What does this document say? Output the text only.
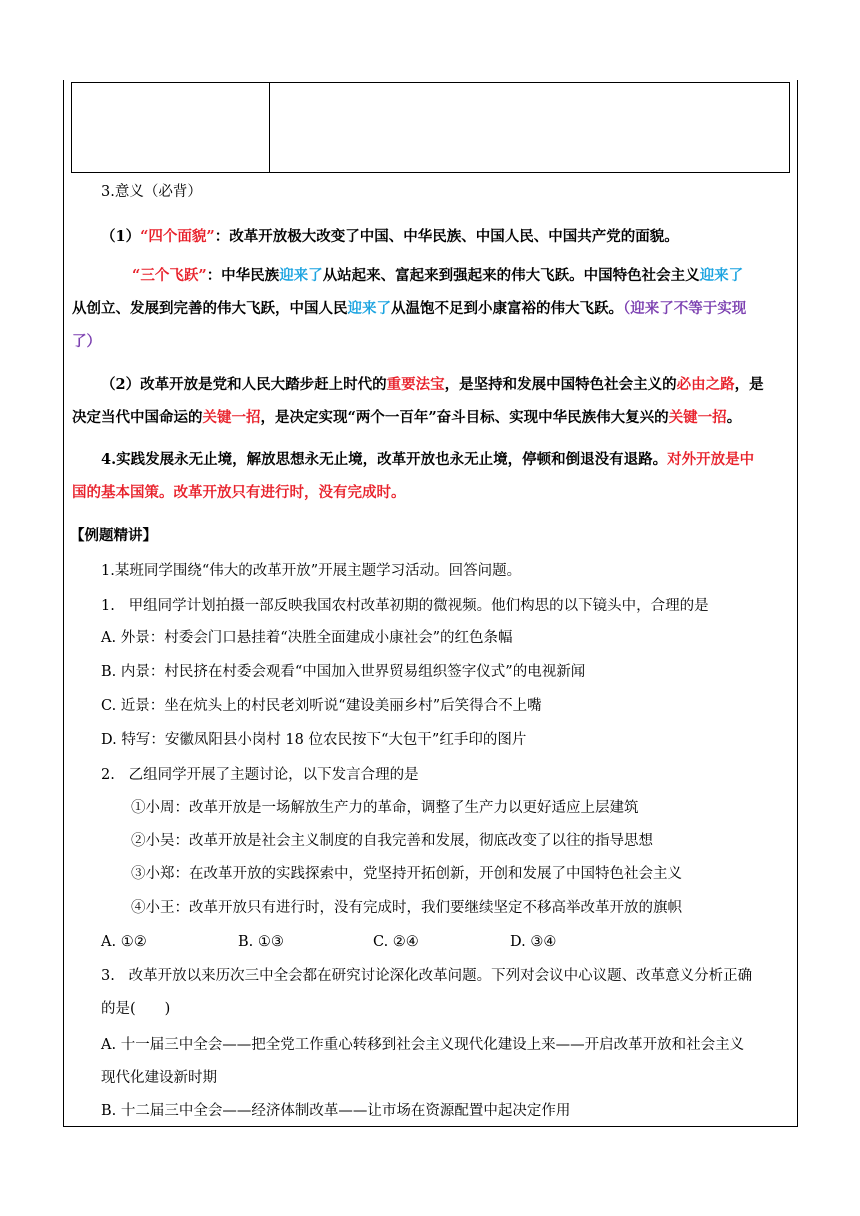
3.意义（必背）
（1）“四个面貌”：改革开放极大改变了中国、中华民族、中国人民、中国共产党的面貌。
“三个飞跃”：中华民族迎来了从站起来、富起来到强起来的伟大飞跃。中国特色社会主义迎来了
从创立、发展到完善的伟大飞跃，中国人民迎来了从温饱不足到小康富裕的伟大飞跃。（迎来了不等于实现
了）
（2）改革开放是党和人民大踏步赶上时代的重要法宝，是坚持和发展中国特色社会主义的必由之路，是
决定当代中国命运的关键一招，是决定实现“两个一百年”奋斗目标、实现中华民族伟大复兴的关键一招。
4.实践发展永无止境，解放思想永无止境，改革开放也永无止境，停顿和倒退没有退路。对外开放是中
国的基本国策。改革开放只有进行时，没有完成时。
【例题精讲】
1.某班同学围绕“伟大的改革开放”开展主题学习活动。回答问题。
1. 甲组同学计划拍摄一部反映我国农村改革初期的微视频。他们构思的以下镜头中，合理的是
A. 外景：村委会门口悬挂着“决胜全面建成小康社会”的红色条幅
B. 内景：村民挤在村委会观看“中国加入世界贸易组织签字仪式”的电视新闻
C. 近景：坐在炕头上的村民老刘听说“建设美丽乡村”后笑得合不上嘴
D. 特写：安徽凤阳县小岗村 18 位农民按下“大包干”红手印的图片
2. 乙组同学开展了主题讨论，以下发言合理的是
①小周：改革开放是一场解放生产力的革命，调整了生产力以更好适应上层建筑
②小吴：改革开放是社会主义制度的自我完善和发展，彻底改变了以往的指导思想
③小郑：在改革开放的实践探索中，党坚持开拓创新，开创和发展了中国特色社会主义
④小王：改革开放只有进行时，没有完成时，我们要继续坚定不移高举改革开放的旗帜
A. ①②	B. ①③	C. ②④	D. ③④
3. 改革开放以来历次三中全会都在研究讨论深化改革问题。下列对会议中心议题、改革意义分析正确
的是(　　)
A. 十一届三中全会——把全党工作重心转移到社会主义现代化建设上来——开启改革开放和社会主义
现代化建设新时期
B. 十二届三中全会——经济体制改革——让市场在资源配置中起决定作用
